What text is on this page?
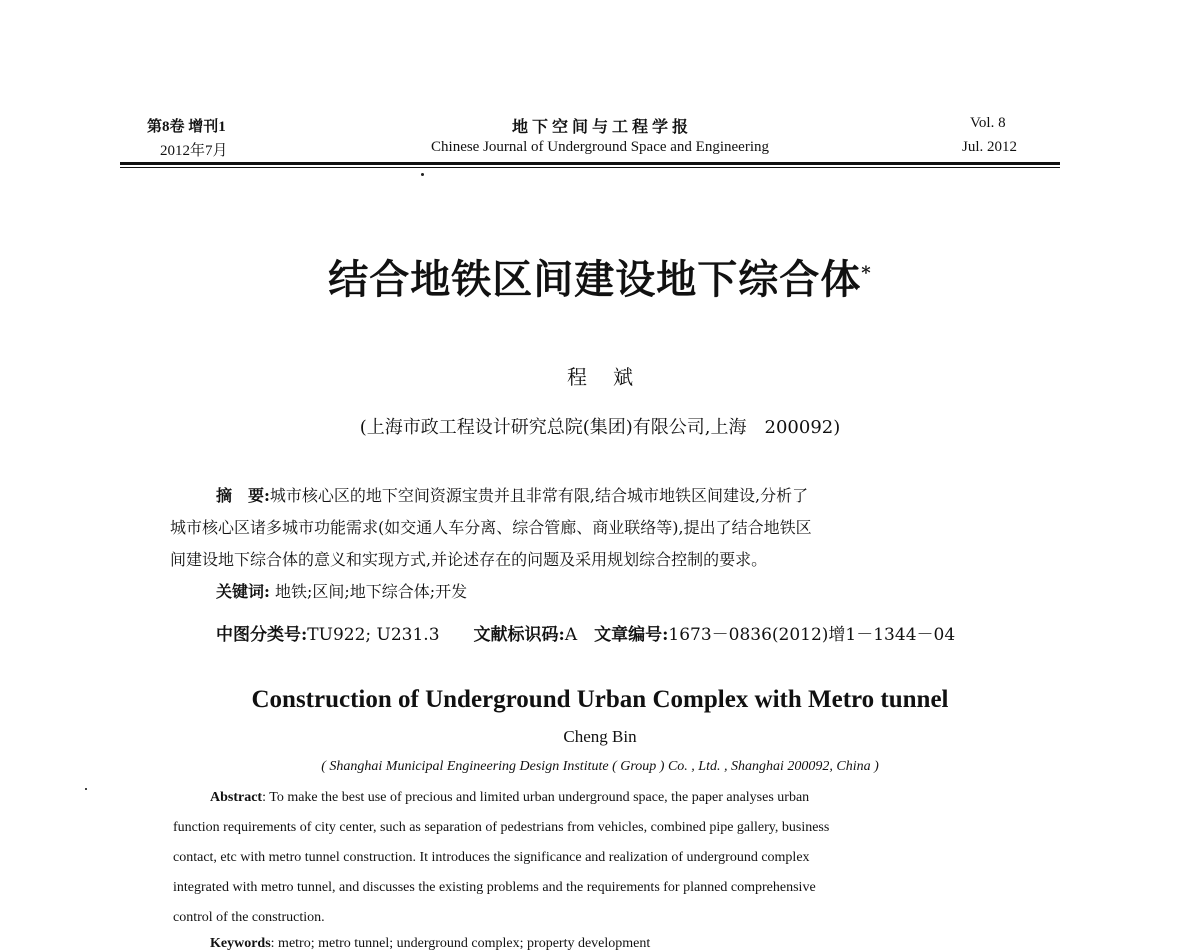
第8卷 增刊1
2012年7月
地 下 空 间 与 工 程 学 报
Chinese Journal of Underground Space and Engineering
Vol. 8
Jul. 2012
结合地铁区间建设地下综合体*
程斌
(上海市政工程设计研究总院(集团)有限公司,上海　200092)
摘　要:城市核心区的地下空间资源宝贵并且非常有限,结合城市地铁区间建设,分析了
城市核心区诸多城市功能需求(如交通人车分离、综合管廊、商业联络等),提出了结合地铁区
间建设地下综合体的意义和实现方式,并论述存在的问题及采用规划综合控制的要求。
关键词: 地铁;区间;地下综合体;开发
中图分类号:TU922; U231.3　　 文献标识码:A　 文章编号:1673－0836(2012)增1－1344－04
Construction of Underground Urban Complex with Metro tunnel
Cheng Bin
( Shanghai Municipal Engineering Design Institute ( Group ) Co. , Ltd. , Shanghai 200092, China )
Abstract: To make the best use of precious and limited urban underground space, the paper analyses urban
function requirements of city center, such as separation of pedestrians from vehicles, combined pipe gallery, business
contact, etc with metro tunnel construction. It introduces the significance and realization of underground complex
integrated with metro tunnel, and discusses the existing problems and the requirements for planned comprehensive
control of the construction.
Keywords: metro; metro tunnel; underground complex; property development
